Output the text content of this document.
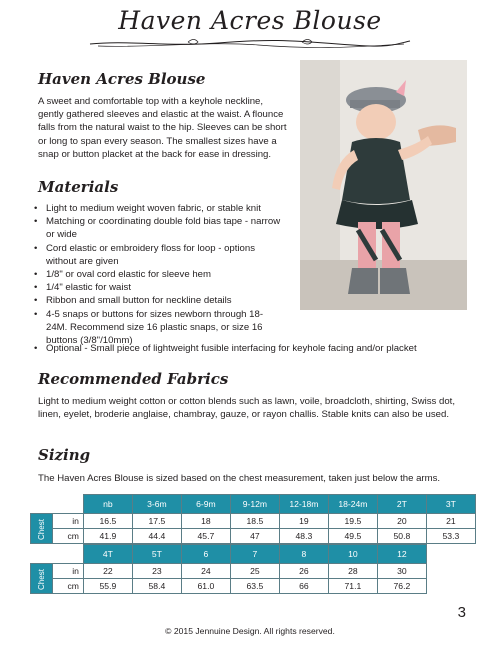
Haven Acres Blouse
Haven Acres Blouse
A sweet and comfortable top with a keyhole neckline, gently gathered sleeves and elastic at the waist. A flounce falls from the natural waist to the hip. Sleeves can be short or long to span every season. The smallest sizes have a snap or button placket at the back for ease in dressing.
Materials
• Light to medium weight woven fabric, or stable knit
• Matching or coordinating double fold bias tape - narrow or wide
• Cord elastic or embroidery floss for loop - options without are given
• 1/8" or oval cord elastic for sleeve hem
• 1/4" elastic for waist
• Ribbon and small button for neckline details
• 4-5 snaps or buttons for sizes newborn through 18-24M. Recommend size 16 plastic snaps, or size 16 buttons (3/8"/10mm)
• Optional - Small piece of lightweight fusible interfacing for keyhole facing and/or placket
Recommended Fabrics
Light to medium weight cotton or cotton blends such as lawn, voile, broadcloth, shirting, Swiss dot, linen, eyelet, broderie anglaise, chambray, gauze, or rayon challis. Stable knits can also be used.
Sizing
The Haven Acres Blouse is sized based on the chest measurement, taken just below the arms.
		nb	3-6m	6-9m	9-12m	12-18m	18-24m	2T	3T
Chest	in	16.5	17.5	18	18.5	19	19.5	20	21
	cm	41.9	44.4	45.7	47	48.3	49.5	50.8	53.3
		4T	5T	6	7	8	10	12
Chest	in	22	23	24	25	26	28	30
	cm	55.9	58.4	61.0	63.5	66	71.1	76.2
3
© 2015 Jennuine Design. All rights reserved.
